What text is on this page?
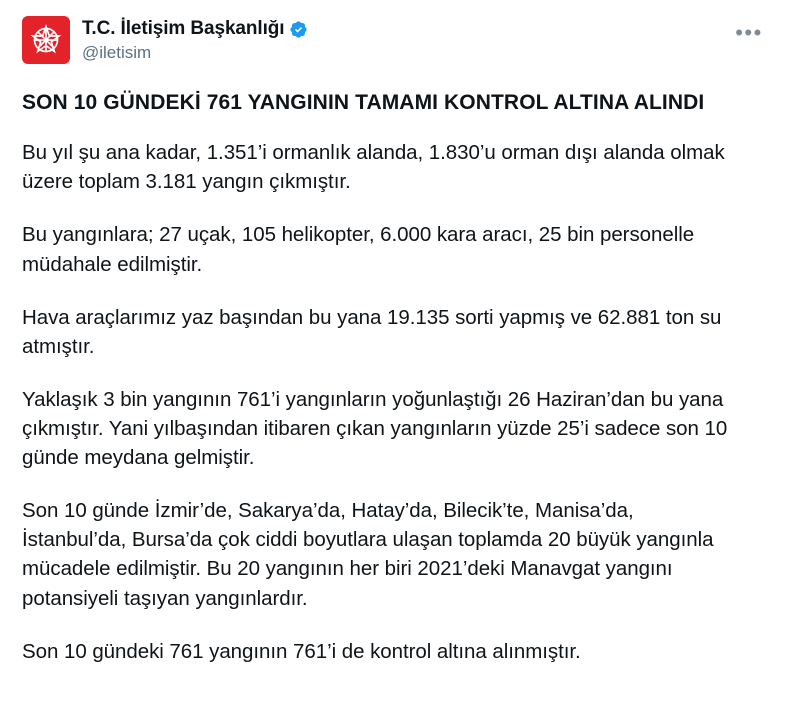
T.C. İletişim Başkanlığı
@iletisim
•••
SON 10 GÜNDEKİ 761 YANGININ TAMAMI KONTROL ALTINA ALINDI

Bu yıl şu ana kadar, 1.351’i ormanlık alanda, 1.830’u orman dışı alanda olmak üzere toplam 3.181 yangın çıkmıştır.

Bu yangınlara; 27 uçak, 105 helikopter, 6.000 kara aracı, 25 bin personelle müdahale edilmiştir.

Hava araçlarımız yaz başından bu yana 19.135 sorti yapmış ve 62.881 ton su atmıştır.

Yaklaşık 3 bin yangının 761’i yangınların yoğunlaştığı 26 Haziran’dan bu yana çıkmıştır. Yani yılbaşından itibaren çıkan yangınların yüzde 25’i sadece son 10 günde meydana gelmiştir.

Son 10 günde İzmir’de, Sakarya’da, Hatay’da, Bilecik’te, Manisa’da, İstanbul’da, Bursa’da çok ciddi boyutlara ulaşan toplamda 20 büyük yangınla mücadele edilmiştir. Bu 20 yangının her biri 2021’deki Manavgat yangını potansiyeli taşıyan yangınlardır.

Son 10 gündeki 761 yangının 761’i de kontrol altına alınmıştır.
